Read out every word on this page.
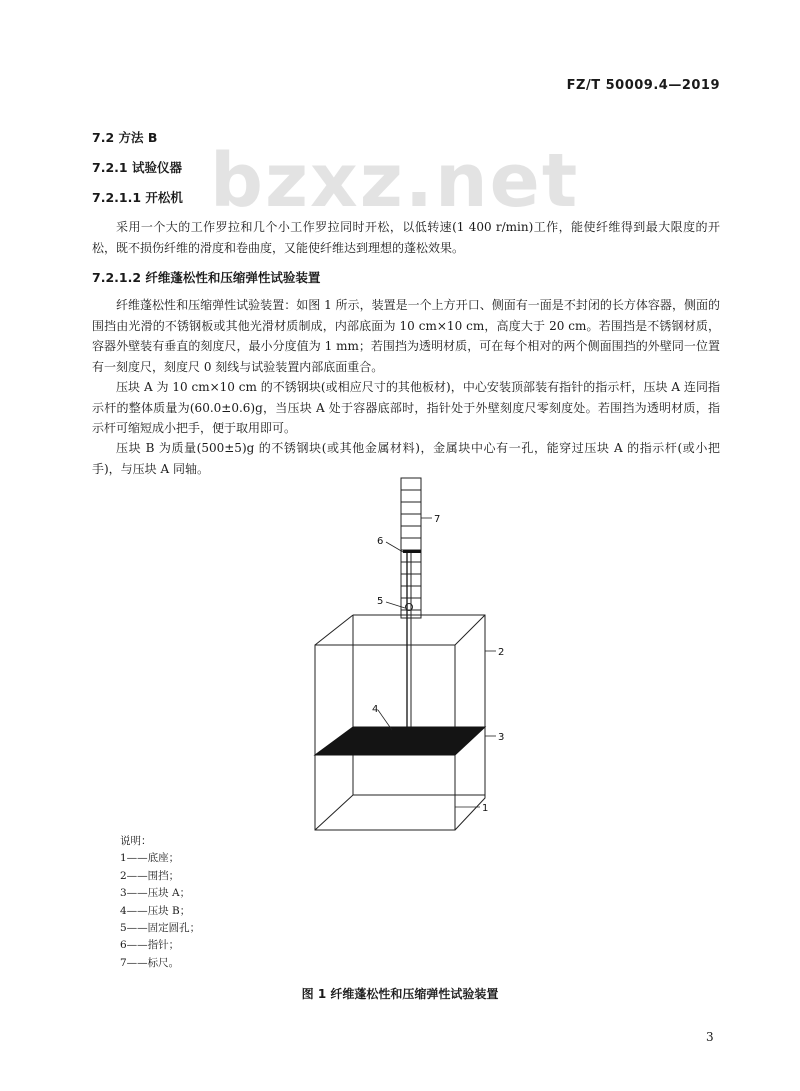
FZ/T 50009.4—2019
bzxz.net
7.2 方法 B
7.2.1 试验仪器
7.2.1.1 开松机
采用一个大的工作罗拉和几个小工作罗拉同时开松，以低转速(1 400 r/min)工作，能使纤维得到最大限度的开松，既不损伤纤维的滑度和卷曲度，又能使纤维达到理想的蓬松效果。
7.2.1.2 纤维蓬松性和压缩弹性试验装置
纤维蓬松性和压缩弹性试验装置：如图 1 所示，装置是一个上方开口、侧面有一面是不封闭的长方体容器，侧面的围挡由光滑的不锈钢板或其他光滑材质制成，内部底面为 10 cm×10 cm，高度大于 20 cm。若围挡是不锈钢材质，容器外壁装有垂直的刻度尺，最小分度值为 1 mm；若围挡为透明材质，可在每个相对的两个侧面围挡的外壁同一位置有一刻度尺，刻度尺 0 刻线与试验装置内部底面重合。
压块 A 为 10 cm×10 cm 的不锈钢块(或相应尺寸的其他板材)，中心安装顶部装有指针的指示杆，压块 A 连同指示杆的整体质量为(60.0±0.6)g，当压块 A 处于容器底部时，指针处于外壁刻度尺零刻度处。若围挡为透明材质，指示杆可缩短成小把手，便于取用即可。
压块 B 为质量(500±5)g 的不锈钢块(或其他金属材料)，金属块中心有一孔，能穿过压块 A 的指示杆(或小把手)，与压块 A 同轴。
7
6
5
2
4
3
1
说明：
1——底座；
2——围挡；
3——压块 A；
4——压块 B；
5——固定圆孔；
6——指针；
7——标尺。
图 1 纤维蓬松性和压缩弹性试验装置
3
